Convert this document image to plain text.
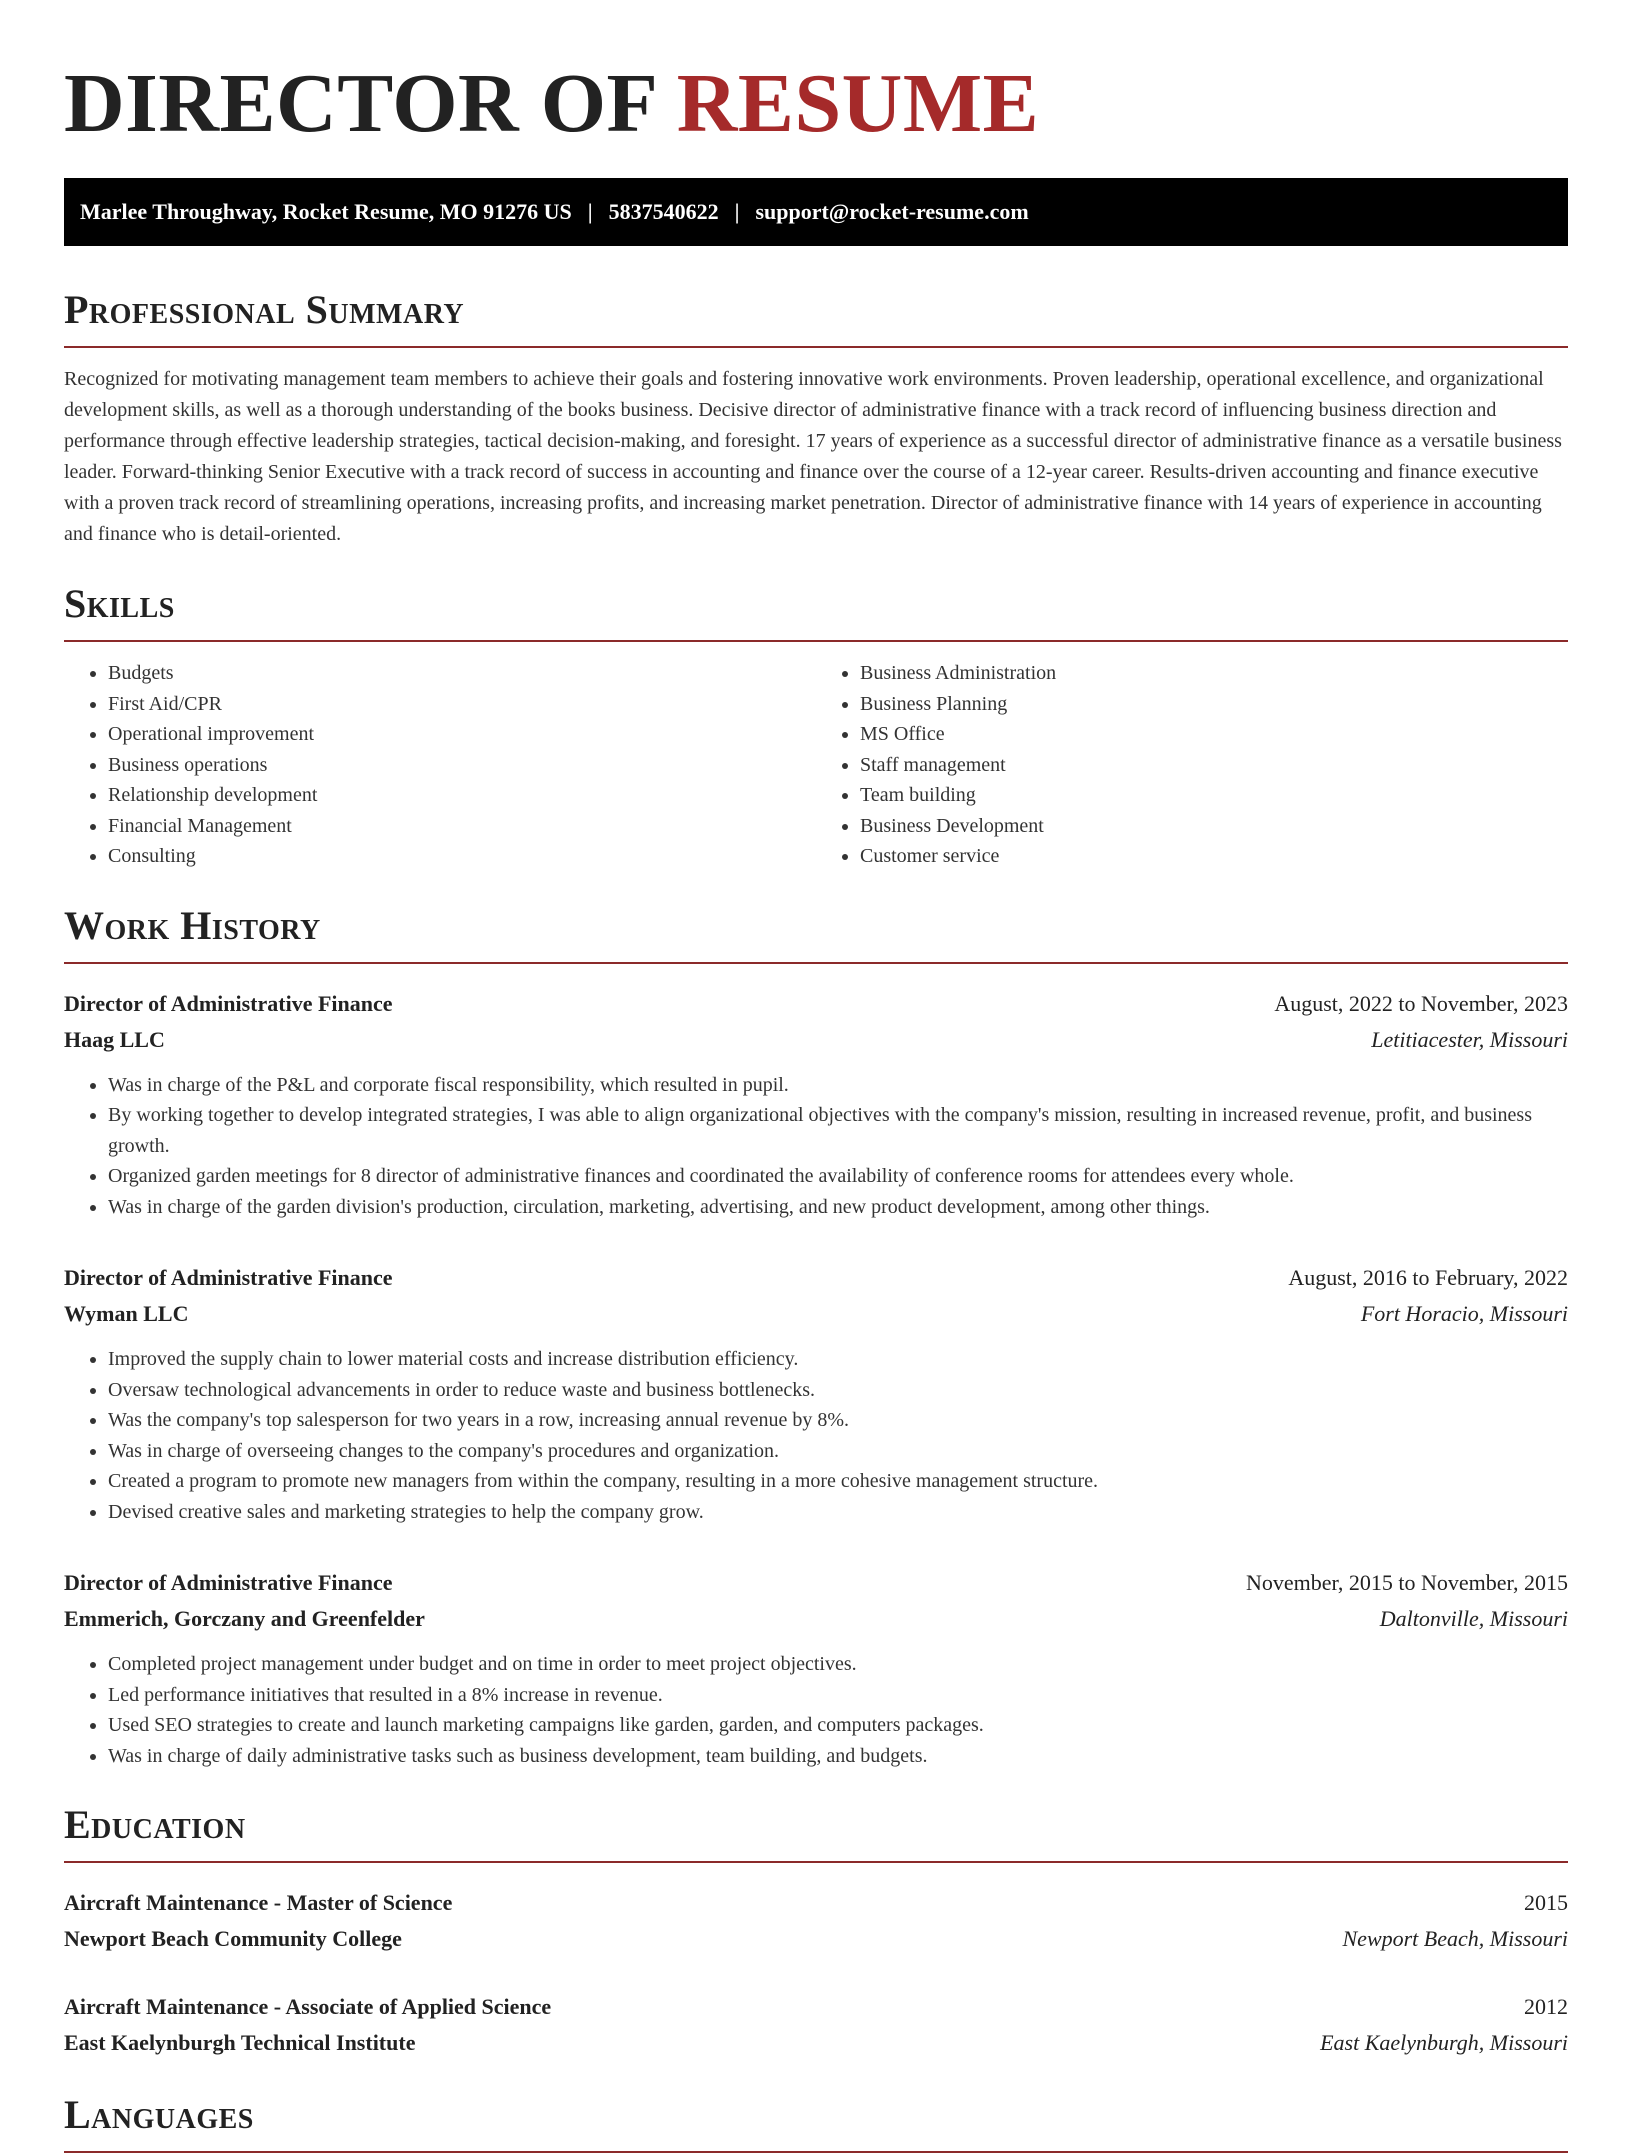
DIRECTOR OF RESUME
Marlee Throughway, Rocket Resume, MO 91276 US | 5837540622 | support@rocket-resume.com
Professional Summary

Recognized for motivating management team members to achieve their goals and fostering innovative work environments. Proven leadership, operational excellence, and organizational development skills, as well as a thorough understanding of the books business. Decisive director of administrative finance with a track record of influencing business direction and performance through effective leadership strategies, tactical decision-making, and foresight. 17 years of experience as a successful director of administrative finance as a versatile business leader. Forward-thinking Senior Executive with a track record of success in accounting and finance over the course of a 12-year career. Results-driven accounting and finance executive with a proven track record of streamlining operations, increasing profits, and increasing market penetration. Director of administrative finance with 14 years of experience in accounting and finance who is detail-oriented.

Skills
• Budgets
• First Aid/CPR
• Operational improvement
• Business operations
• Relationship development
• Financial Management
• Consulting
• Business Administration
• Business Planning
• MS Office
• Staff management
• Team building
• Business Development
• Customer service
Work History
Director of Administrative Finance	August, 2022 to November, 2023
Haag LLC	Letitiacester, Missouri
• Was in charge of the P&L and corporate fiscal responsibility, which resulted in pupil.
• By working together to develop integrated strategies, I was able to align organizational objectives with the company's mission, resulting in increased revenue, profit, and business growth.
• Organized garden meetings for 8 director of administrative finances and coordinated the availability of conference rooms for attendees every whole.
• Was in charge of the garden division's production, circulation, marketing, advertising, and new product development, among other things.
Director of Administrative Finance	August, 2016 to February, 2022
Wyman LLC	Fort Horacio, Missouri
• Improved the supply chain to lower material costs and increase distribution efficiency.
• Oversaw technological advancements in order to reduce waste and business bottlenecks.
• Was the company's top salesperson for two years in a row, increasing annual revenue by 8%.
• Was in charge of overseeing changes to the company's procedures and organization.
• Created a program to promote new managers from within the company, resulting in a more cohesive management structure.
• Devised creative sales and marketing strategies to help the company grow.
Director of Administrative Finance	November, 2015 to November, 2015
Emmerich, Gorczany and Greenfelder	Daltonville, Missouri
• Completed project management under budget and on time in order to meet project objectives.
• Led performance initiatives that resulted in a 8% increase in revenue.
• Used SEO strategies to create and launch marketing campaigns like garden, garden, and computers packages.
• Was in charge of daily administrative tasks such as business development, team building, and budgets.
Education
Aircraft Maintenance - Master of Science	2015
Newport Beach Community College	Newport Beach, Missouri
Aircraft Maintenance - Associate of Applied Science	2012
East Kaelynburgh Technical Institute	East Kaelynburgh, Missouri
Languages
